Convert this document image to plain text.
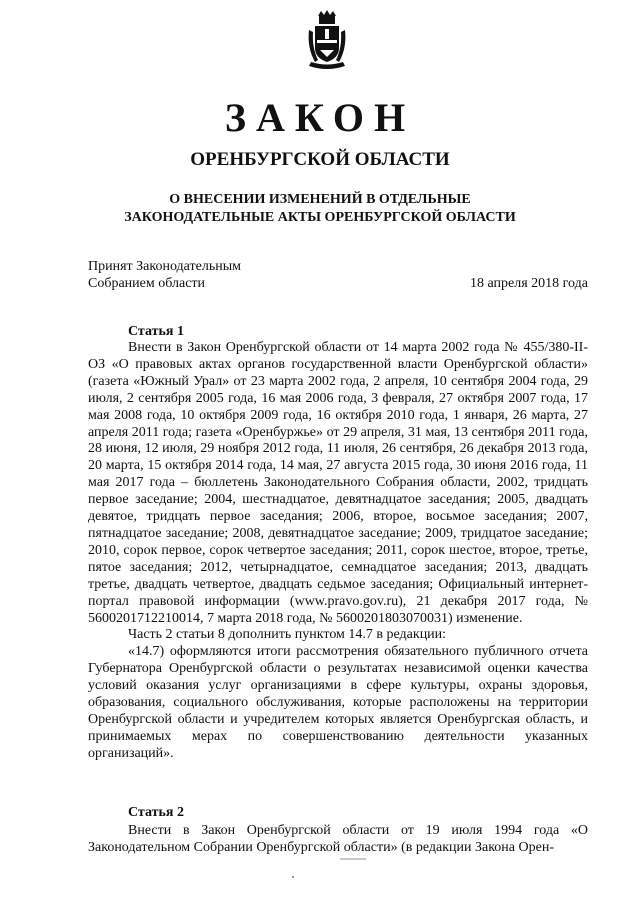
ЗАКОН
ОРЕНБУРГСКОЙ ОБЛАСТИ
О ВНЕСЕНИИ ИЗМЕНЕНИЙ В ОТДЕЛЬНЫЕ
ЗАКОНОДАТЕЛЬНЫЕ АКТЫ ОРЕНБУРГСКОЙ ОБЛАСТИ
Принят Законодательным
Собранием области	18 апреля 2018 года
Статья 1

Внести в Закон Оренбургской области от 14 марта 2002 года № 455/380-II-ОЗ «О правовых актах органов государственной власти Оренбургской области» (газета «Южный Урал» от 23 марта 2002 года, 2 апреля, 10 сентября 2004 года, 29 июля, 2 сентября 2005 года, 16 мая 2006 года, 3 февраля, 27 октября 2007 года, 17 мая 2008 года, 10 октября 2009 года, 16 октября 2010 года, 1 января, 26 марта, 27 апреля 2011 года; газета «Оренбуржье» от 29 апреля, 31 мая, 13 сентября 2011 года, 28 июня, 12 июля, 29 ноября 2012 года, 11 июля, 26 сентября, 26 декабря 2013 года, 20 марта, 15 октября 2014 года, 14 мая, 27 августа 2015 года, 30 июня 2016 года, 11 мая 2017 года – бюллетень Законодательного Собрания области, 2002, тридцать первое заседание; 2004, шестнадцатое, девятнадцатое заседания; 2005, двадцать девятое, тридцать первое заседания; 2006, второе, восьмое заседания; 2007, пятнадцатое заседание; 2008, девятнадцатое заседание; 2009, тридцатое заседание; 2010, сорок первое, сорок четвертое заседания; 2011, сорок шестое, второе, третье, пятое заседания; 2012, четырнадцатое, семнадцатое заседания; 2013, двадцать третье, двадцать четвертое, двадцать седьмое заседания; Официальный интернет-портал правовой информации (www.pravo.gov.ru), 21 декабря 2017 года, № 5600201712210014, 7 марта 2018 года, № 5600201803070031) изменение.

Часть 2 статьи 8 дополнить пунктом 14.7 в редакции:

«14.7) оформляются итоги рассмотрения обязательного публичного отчета Губернатора Оренбургской области о результатах независимой оценки качества условий оказания услуг организациями в сфере культуры, охраны здоровья, образования, социального обслуживания, которые расположены на территории Оренбургской области и учредителем которых является Оренбургская область, и принимаемых мерах по совершенствованию деятельности указанных организаций».

Статья 2

Внести в Закон Оренбургской области от 19 июля 1994 года «О Законодательном Собрании Оренбургской области» (в редакции Закона Орен-
